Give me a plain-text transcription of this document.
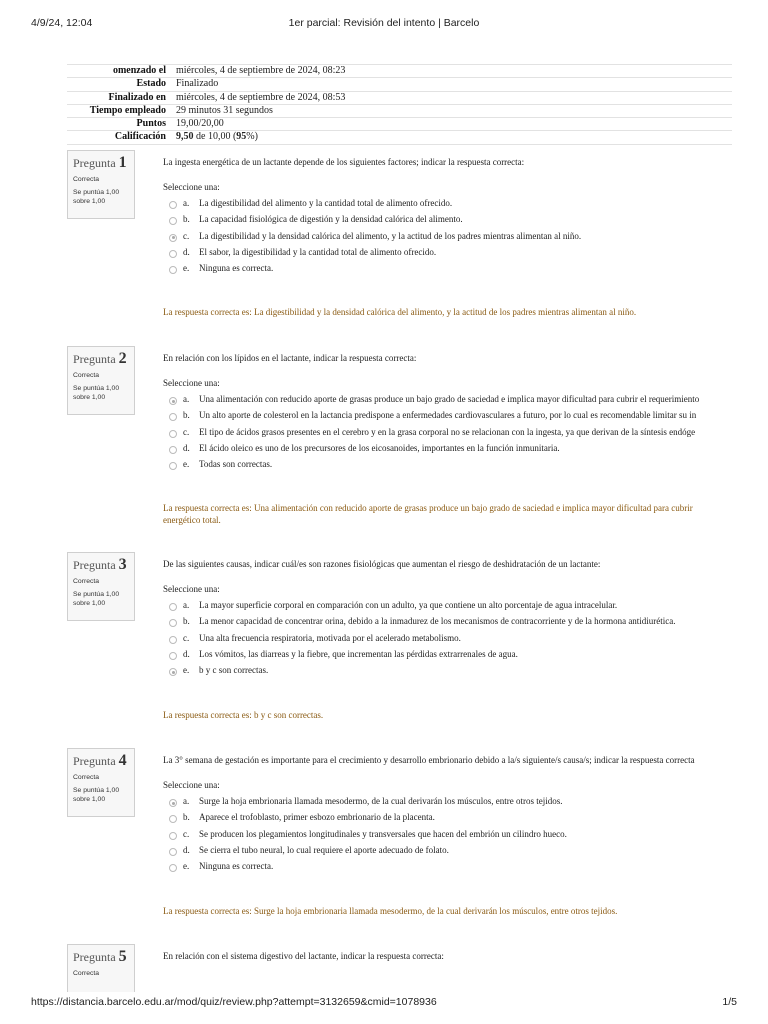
4/9/24, 12:04	1er parcial: Revisión del intento | Barcelo
omenzado el miércoles, 4 de septiembre de 2024, 08:23
Estado Finalizado
Finalizado en miércoles, 4 de septiembre de 2024, 08:53
Tiempo empleado 29 minutos 31 segundos
Puntos 19,00/20,00
Calificación 9,50 de 10,00 (95%)
Pregunta 1
Correcta
Se puntúa 1,00
sobre 1,00
La ingesta energética de un lactante depende de los siguientes factores; indicar la respuesta correcta:
Seleccione una:
a. La digestibilidad del alimento y la cantidad total de alimento ofrecido.
b. La capacidad fisiológica de digestión y la densidad calórica del alimento.
c. La digestibilidad y la densidad calórica del alimento, y la actitud de los padres mientras alimentan al niño.
d. El sabor, la digestibilidad y la cantidad total de alimento ofrecido.
e. Ninguna es correcta.
La respuesta correcta es: La digestibilidad y la densidad calórica del alimento, y la actitud de los padres mientras alimentan al niño.
Pregunta 2
Correcta
Se puntúa 1,00
sobre 1,00
En relación con los lípidos en el lactante, indicar la respuesta correcta:
Seleccione una:
a. Una alimentación con reducido aporte de grasas produce un bajo grado de saciedad e implica mayor dificultad para cubrir el requerimiento
b. Un alto aporte de colesterol en la lactancia predispone a enfermedades cardiovasculares a futuro, por lo cual es recomendable limitar su in
c. El tipo de ácidos grasos presentes en el cerebro y en la grasa corporal no se relacionan con la ingesta, ya que derivan de la síntesis endóge
d. El ácido oleico es uno de los precursores de los eicosanoides, importantes en la función inmunitaria.
e. Todas son correctas.
La respuesta correcta es: Una alimentación con reducido aporte de grasas produce un bajo grado de saciedad e implica mayor dificultad para cubrir
energético total.
Pregunta 3
Correcta
Se puntúa 1,00
sobre 1,00
De las siguientes causas, indicar cuál/es son razones fisiológicas que aumentan el riesgo de deshidratación de un lactante:
Seleccione una:
a. La mayor superficie corporal en comparación con un adulto, ya que contiene un alto porcentaje de agua intracelular.
b. La menor capacidad de concentrar orina, debido a la inmadurez de los mecanismos de contracorriente y de la hormona antidiurética.
c. Una alta frecuencia respiratoria, motivada por el acelerado metabolismo.
d. Los vómitos, las diarreas y la fiebre, que incrementan las pérdidas extrarrenales de agua.
e. b y c son correctas.
La respuesta correcta es: b y c son correctas.
Pregunta 4
Correcta
Se puntúa 1,00
sobre 1,00
La 3° semana de gestación es importante para el crecimiento y desarrollo embrionario debido a la/s siguiente/s causa/s; indicar la respuesta correcta
Seleccione una:
a. Surge la hoja embrionaria llamada mesodermo, de la cual derivarán los músculos, entre otros tejidos.
b. Aparece el trofoblasto, primer esbozo embrionario de la placenta.
c. Se producen los plegamientos longitudinales y transversales que hacen del embrión un cilindro hueco.
d. Se cierra el tubo neural, lo cual requiere el aporte adecuado de folato.
e. Ninguna es correcta.
La respuesta correcta es: Surge la hoja embrionaria llamada mesodermo, de la cual derivarán los músculos, entre otros tejidos.
Pregunta 5
Correcta
En relación con el sistema digestivo del lactante, indicar la respuesta correcta:
https://distancia.barcelo.edu.ar/mod/quiz/review.php?attempt=3132659&cmid=1078936	1/5
